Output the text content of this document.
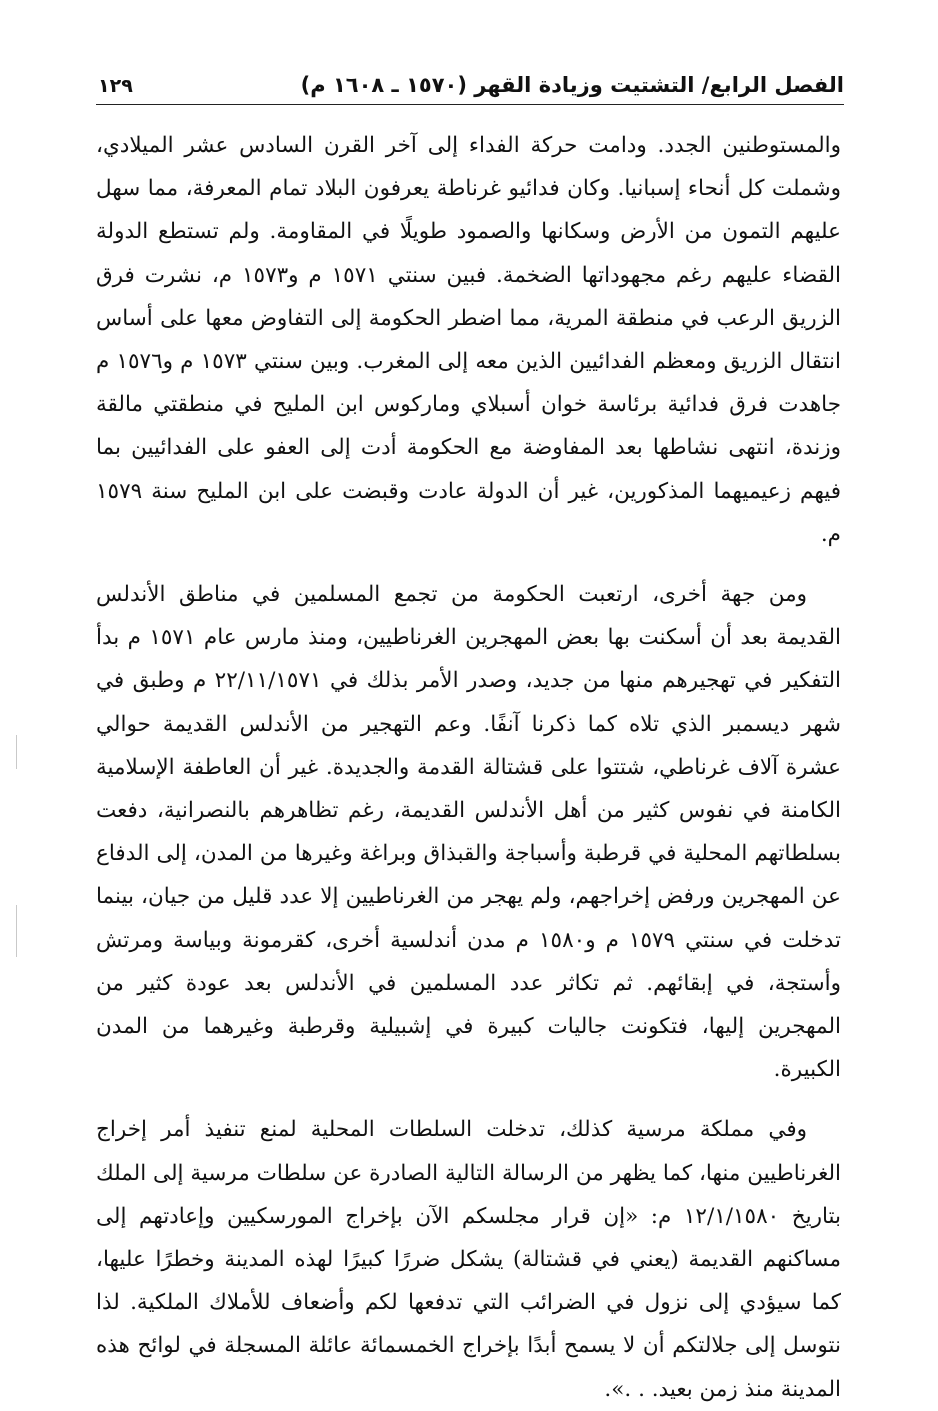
الفصل الرابع/ التشتيت وزيادة القهر (١٥٧٠ ـ ١٦٠٨ م)
١٢٩

والمستوطنين الجدد. ودامت حركة الفداء إلى آخر القرن السادس عشر الميلادي، وشملت كل أنحاء إسبانيا. وكان فدائيو غرناطة يعرفون البلاد تمام المعرفة، مما سهل عليهم التمون من الأرض وسكانها والصمود طويلًا في المقاومة. ولم تستطع الدولة القضاء عليهم رغم مجهوداتها الضخمة. فبين سنتي ١٥٧١ م و١٥٧٣ م، نشرت فرق الزريق الرعب في منطقة المرية، مما اضطر الحكومة إلى التفاوض معها على أساس انتقال الزريق ومعظم الفدائيين الذين معه إلى المغرب. وبين سنتي ١٥٧٣ م و١٥٧٦ م جاهدت فرق فدائية برئاسة خوان أسبلاي وماركوس ابن المليح في منطقتي مالقة وزندة، انتهى نشاطها بعد المفاوضة مع الحكومة أدت إلى العفو على الفدائيين بما فيهم زعيميهما المذكورين، غير أن الدولة عادت وقبضت على ابن المليح سنة ١٥٧٩ م.

ومن جهة أخرى، ارتعبت الحكومة من تجمع المسلمين في مناطق الأندلس القديمة بعد أن أسكنت بها بعض المهجرين الغرناطيين، ومنذ مارس عام ١٥٧١ م بدأ التفكير في تهجيرهم منها من جديد، وصدر الأمر بذلك في ٢٢/١١/١٥٧١ م وطبق في شهر ديسمبر الذي تلاه كما ذكرنا آنفًا. وعم التهجير من الأندلس القديمة حوالي عشرة آلاف غرناطي، شتتوا على قشتالة القدمة والجديدة. غير أن العاطفة الإسلامية الكامنة في نفوس كثير من أهل الأندلس القديمة، رغم تظاهرهم بالنصرانية، دفعت بسلطاتهم المحلية في قرطبة وأسباجة والقبذاق وبراغة وغيرها من المدن، إلى الدفاع عن المهجرين ورفض إخراجهم، ولم يهجر من الغرناطيين إلا عدد قليل من جيان، بينما تدخلت في سنتي ١٥٧٩ م و١٥٨٠ م مدن أندلسية أخرى، كقرمونة وبياسة ومرتش وأستجة، في إبقائهم. ثم تكاثر عدد المسلمين في الأندلس بعد عودة كثير من المهجرين إليها، فتكونت جاليات كبيرة في إشبيلية وقرطبة وغيرهما من المدن الكبيرة.

وفي مملكة مرسية كذلك، تدخلت السلطات المحلية لمنع تنفيذ أمر إخراج الغرناطيين منها، كما يظهر من الرسالة التالية الصادرة عن سلطات مرسية إلى الملك بتاريخ ١٢/١/١٥٨٠ م: «إن قرار مجلسكم الآن بإخراج المورسكيين وإعادتهم إلى مساكنهم القديمة (يعني في قشتالة) يشكل ضررًا كبيرًا لهذه المدينة وخطرًا عليها، كما سيؤدي إلى نزول في الضرائب التي تدفعها لكم وأضعاف للأملاك الملكية. لذا نتوسل إلى جلالتكم أن لا يسمح أبدًا بإخراج الخمسمائة عائلة المسجلة في لوائح هذه المدينة منذ زمن بعيد. . .».
